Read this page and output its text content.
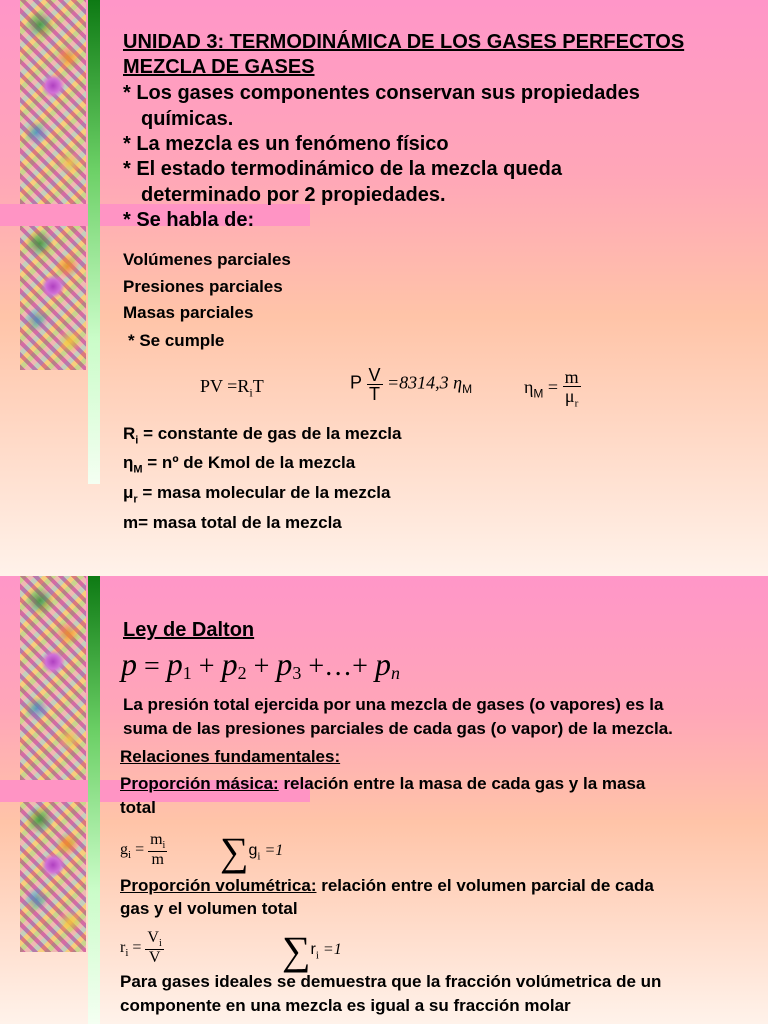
UNIDAD 3: TERMODINÁMICA DE LOS GASES PERFECTOS
MEZCLA DE GASES
* Los gases componentes conservan sus propiedades
químicas.
* La mezcla es un fenómeno físico
* El estado termodinámico de la mezcla queda
determinado por 2 propiedades.
* Se habla de:
Volúmenes parciales
Presiones parciales
Masas parciales
* Se cumple
PV $=R_iT$	P $\frac{V}{T} =8314,3$ $\eta_M$	$\eta_M = \frac{m}{\mu_r}$
$R_i$ = constante de gas de la mezcla
$\eta_M$ = nº de Kmol de la mezcla
$\mu_r$ = masa molecular de la mezcla
m= masa total de la mezcla
Ley de Dalton
$p = p_1 + p_2 + p_3$ +…+ $p_n$
La presión total ejercida por una mezcla de gases (o vapores) es la
suma de las presiones parciales de cada gas (o vapor) de la mezcla.
Relaciones fundamentales:
Proporción másica: relación entre la masa de cada gas y la masa
total
$g_i = \frac{m_i}{m} \sum g_i =1$
Proporción volumétrica: relación entre el volumen parcial de cada
gas y el volumen total
$r_i = \frac{V_i}{V}$	$\sum r_i =1$
Para gases ideales se demuestra que la fracción volúmetrica de un
componente en una mezcla es igual a su fracción molar
